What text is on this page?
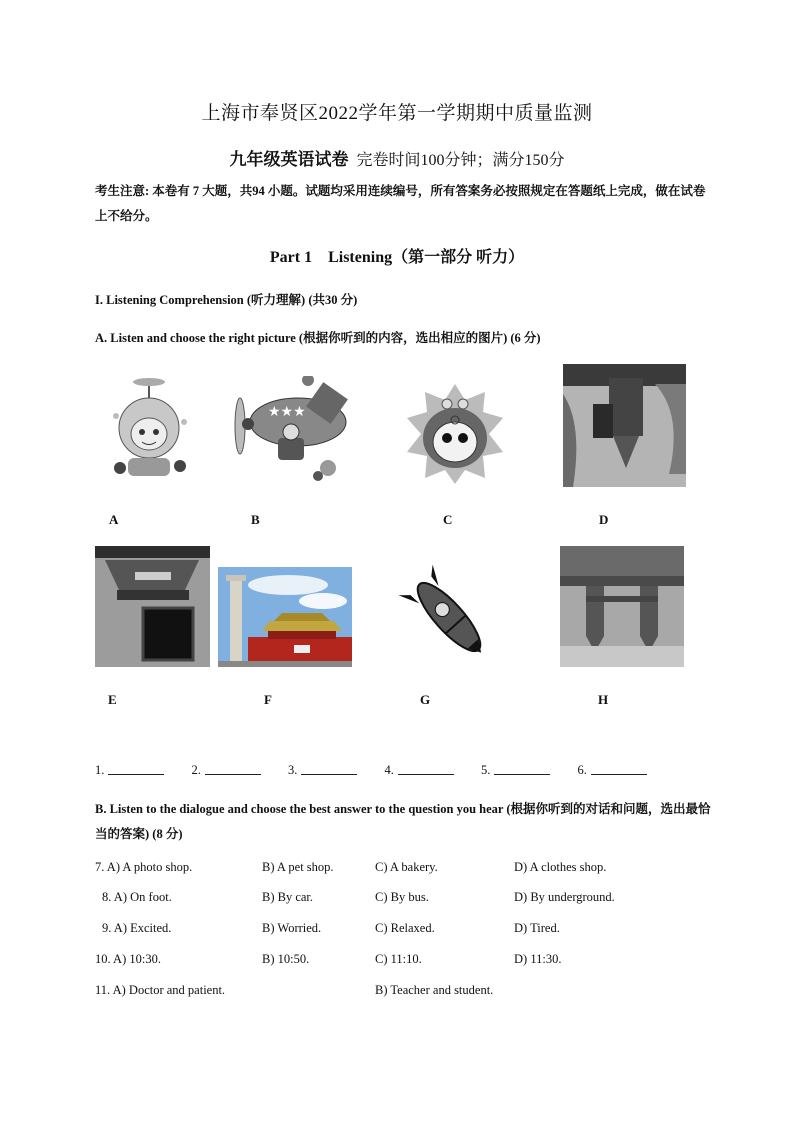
上海市奉贤区2022学年第一学期期中质量监测
九年级英语试卷 完卷时间100分钟；满分150分
考生注意: 本卷有 7 大题，共94 小题。试题均采用连续编号，所有答案务必按照规定在答题纸上完成，做在试卷上不给分。
Part 1　Listening（第一部分 听力）
I. Listening Comprehension (听力理解) (共30 分)
A. Listen and choose the right picture (根据你听到的内容，选出相应的图片) (6 分)
★★★
A	B	C	D
E	F	G	H
1.	2.	3.	4.	5.	6.
B. Listen to the dialogue and choose the best answer to the question you hear (根据你听到的对话和问题，选出最恰当的答案) (8 分)
7. A) A photo shop.	B) A pet shop.	C) A bakery.	D) A clothes shop.
8. A) On foot.	B) By car.	C) By bus.	D) By underground.
9. A) Excited.	B) Worried.	C) Relaxed.	D) Tired.
10. A) 10:30.	B) 10:50.	C) 11:10.	D) 11:30.
11. A) Doctor and patient.	B) Teacher and student.
